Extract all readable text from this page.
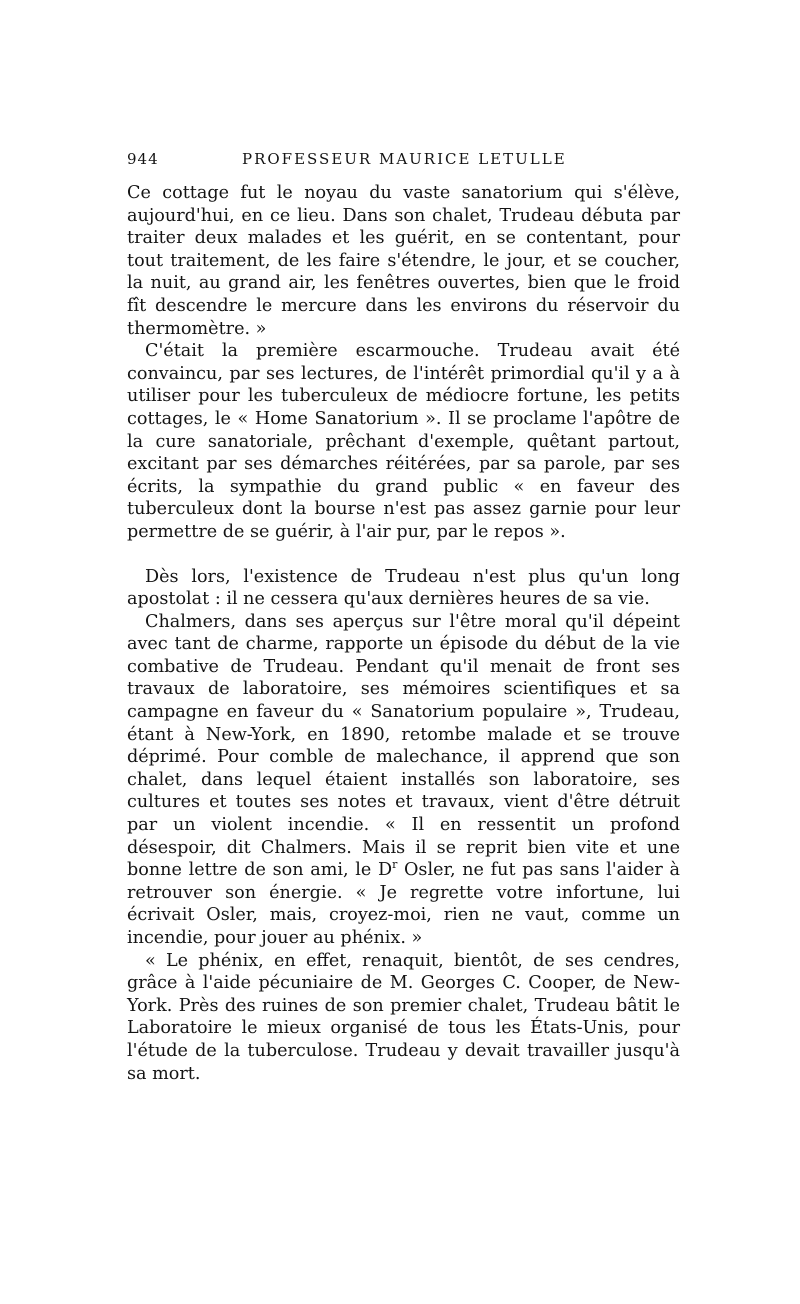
944	PROFESSEUR MAURICE LETULLE

Ce cottage fut le noyau du vaste sanatorium qui s'élève, aujourd'hui, en ce lieu. Dans son chalet, Trudeau débuta par traiter deux malades et les guérit, en se contentant, pour tout traitement, de les faire s'étendre, le jour, et se coucher, la nuit, au grand air, les fenêtres ouvertes, bien que le froid fît descendre le mercure dans les environs du réservoir du thermomètre. »

C'était la première escarmouche. Trudeau avait été convaincu, par ses lectures, de l'intérêt primordial qu'il y a à utiliser pour les tuberculeux de médiocre fortune, les petits cottages, le « Home Sanatorium ». Il se proclame l'apôtre de la cure sanatoriale, prêchant d'exemple, quêtant partout, excitant par ses démarches réitérées, par sa parole, par ses écrits, la sympathie du grand public « en faveur des tuberculeux dont la bourse n'est pas assez garnie pour leur permettre de se guérir, à l'air pur, par le repos ».

Dès lors, l'existence de Trudeau n'est plus qu'un long apostolat : il ne cessera qu'aux dernières heures de sa vie.

Chalmers, dans ses aperçus sur l'être moral qu'il dépeint avec tant de charme, rapporte un épisode du début de la vie combative de Trudeau. Pendant qu'il menait de front ses travaux de laboratoire, ses mémoires scientifiques et sa campagne en faveur du « Sanatorium populaire », Trudeau, étant à New-York, en 1890, retombe malade et se trouve déprimé. Pour comble de malechance, il apprend que son chalet, dans lequel étaient installés son laboratoire, ses cultures et toutes ses notes et travaux, vient d'être détruit par un violent incendie. « Il en ressentit un profond désespoir, dit Chalmers. Mais il se reprit bien vite et une bonne lettre de son ami, le $D^r$ Osler, ne fut pas sans l'aider à retrouver son énergie. « Je regrette votre infortune, lui écrivait Osler, mais, croyez-moi, rien ne vaut, comme un incendie, pour jouer au phénix. »

« Le phénix, en effet, renaquit, bientôt, de ses cendres, grâce à l'aide pécuniaire de M. Georges C. Cooper, de New-York. Près des ruines de son premier chalet, Trudeau bâtit le Laboratoire le mieux organisé de tous les États-Unis, pour l'étude de la tuberculose. Trudeau y devait travailler jusqu'à sa mort.
